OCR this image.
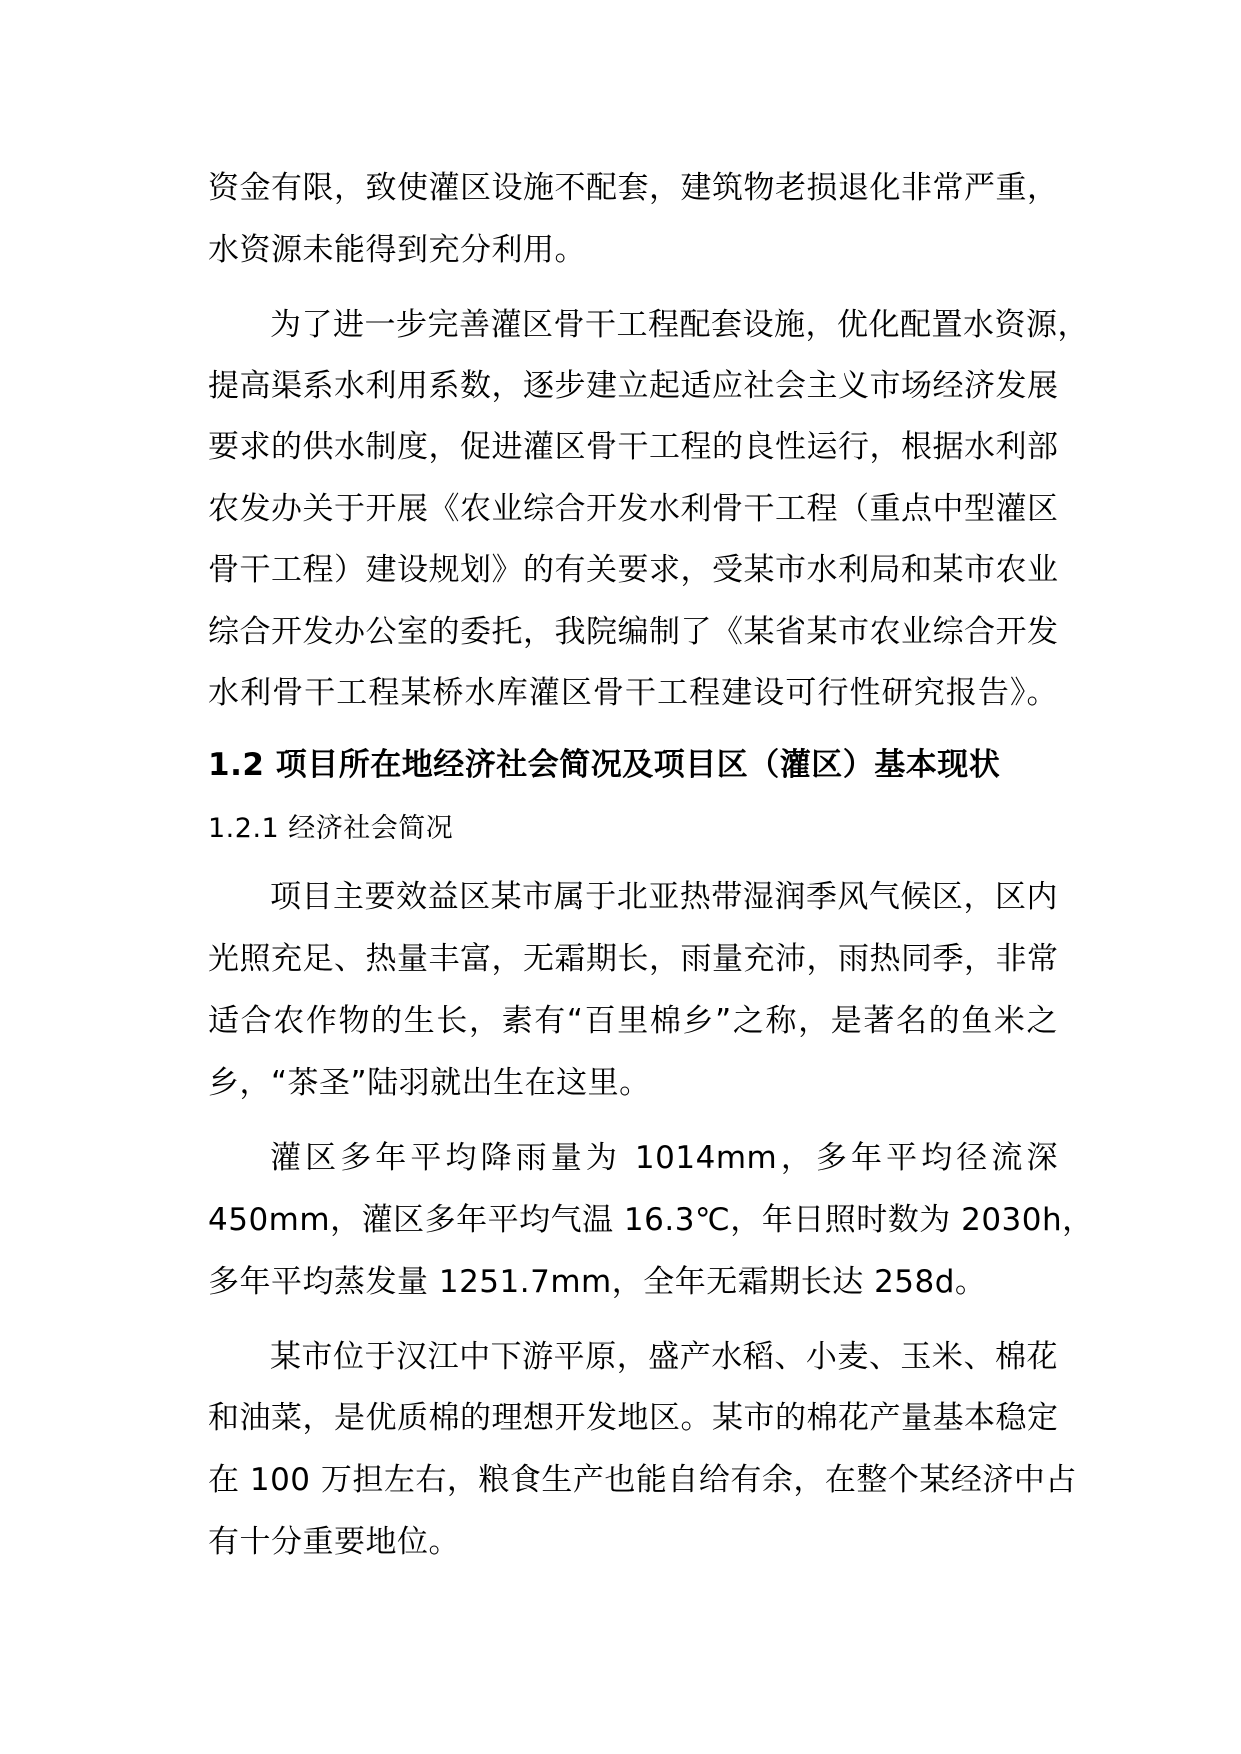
资金有限，致使灌区设施不配套，建筑物老损退化非常严重，
水资源未能得到充分利用。
为了进一步完善灌区骨干工程配套设施，优化配置水资源，
提高渠系水利用系数，逐步建立起适应社会主义市场经济发展
要求的供水制度，促进灌区骨干工程的良性运行，根据水利部
农发办关于开展《农业综合开发水利骨干工程（重点中型灌区
骨干工程）建设规划》的有关要求，受某市水利局和某市农业
综合开发办公室的委托，我院编制了《某省某市农业综合开发
水利骨干工程某桥水库灌区骨干工程建设可行性研究报告》。
1.2 项目所在地经济社会简况及项目区（灌区）基本现状
1.2.1 经济社会简况
项目主要效益区某市属于北亚热带湿润季风气候区，区内
光照充足、热量丰富，无霜期长，雨量充沛，雨热同季，非常
适合农作物的生长，素有“百里棉乡”之称，是著名的鱼米之
乡，“茶圣”陆羽就出生在这里。
灌区多年平均降雨量为 1014mm，多年平均径流深
450mm，灌区多年平均气温 16.3℃，年日照时数为 2030h，
多年平均蒸发量 1251.7mm，全年无霜期长达 258d。
某市位于汉江中下游平原，盛产水稻、小麦、玉米、棉花
和油菜，是优质棉的理想开发地区。某市的棉花产量基本稳定
在 100 万担左右，粮食生产也能自给有余，在整个某经济中占
有十分重要地位。
